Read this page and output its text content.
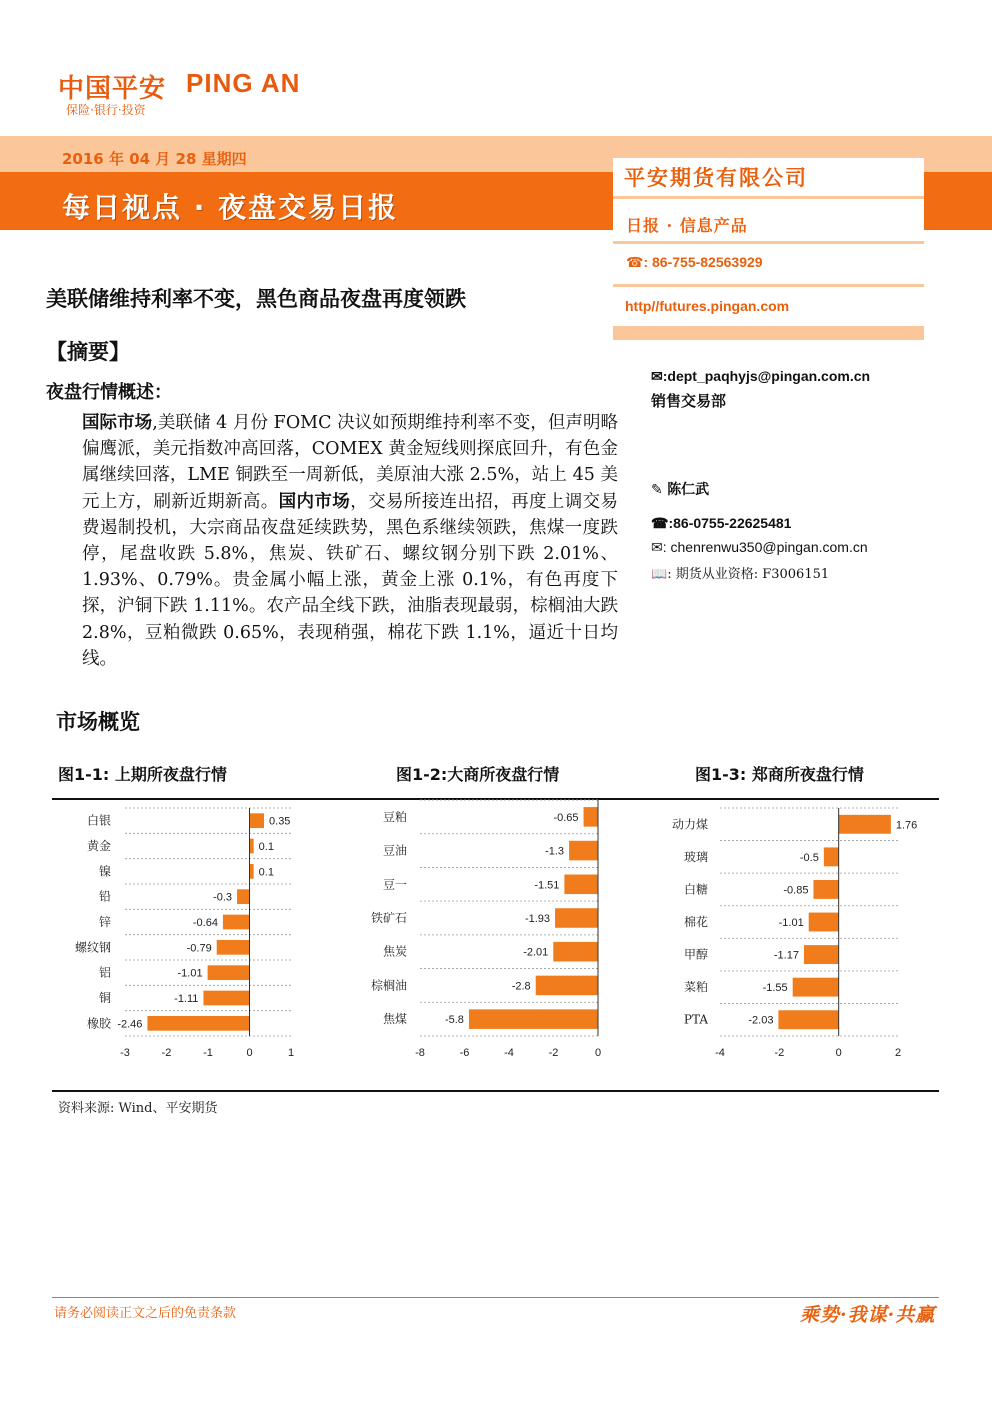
中国平安 PING AN
保险·银行·投资
2016 年 04 月 28 星期四
每日视点 · 夜盘交易日报
平安期货有限公司
日报 · 信息产品
☎: 86-755-82563929
http//futures.pingan.com
美联储维持利率不变，黑色商品夜盘再度领跌
【摘要】
夜盘行情概述：
国际市场,美联储 4 月份 FOMC 决议如预期维持利率不变，但声明略偏鹰派，美元指数冲高回落，COMEX 黄金短线则探底回升，有色金属继续回落，LME 铜跌至一周新低，美原油大涨 2.5%，站上 45 美元上方，刷新近期新高。国内市场，交易所接连出招，再度上调交易费遏制投机，大宗商品夜盘延续跌势，黑色系继续领跌，焦煤一度跌停，尾盘收跌 5.8%，焦炭、铁矿石、螺纹钢分别下跌 2.01%、1.93%、0.79%。贵金属小幅上涨，黄金上涨 0.1%，有色再度下探，沪铜下跌 1.11%。农产品全线下跌，油脂表现最弱，棕榈油大跌 2.8%，豆粕微跌 0.65%，表现稍强，棉花下跌 1.1%，逼近十日均线。
✉:dept_paqhyjs@pingan.com.cn
销售交易部
✎ 陈仁武
☎:86-0755-22625481
✉: chenrenwu350@pingan.com.cn
📖: 期货从业资格: F3006151
市场概览
图1-1: 上期所夜盘行情	图1-2:大商所夜盘行情	图1-3: 郑商所夜盘行情
白银	0.35
黄金	0.1
镍	0.1
铅	-0.3
锌	-0.64
螺纹钢	-0.79
铝	-1.01
铜	-1.11
橡胶 -2.46
-3	-2	-1	0	1
豆粕	-0.65
豆油	-1.3
豆一	-1.51
铁矿石	-1.93
焦炭	-2.01
棕榈油	-2.8
焦煤	-5.8
-8	-6	-4	-2	0
动力煤	1.76
玻璃	-0.5
白糖	-0.85
棉花	-1.01
甲醇	-1.17
菜粕	-1.55
PTA	-2.03
-4	-2	0	2
资料来源: Wind、平安期货
请务必阅读正文之后的免责条款	乘势·我谋·共赢
